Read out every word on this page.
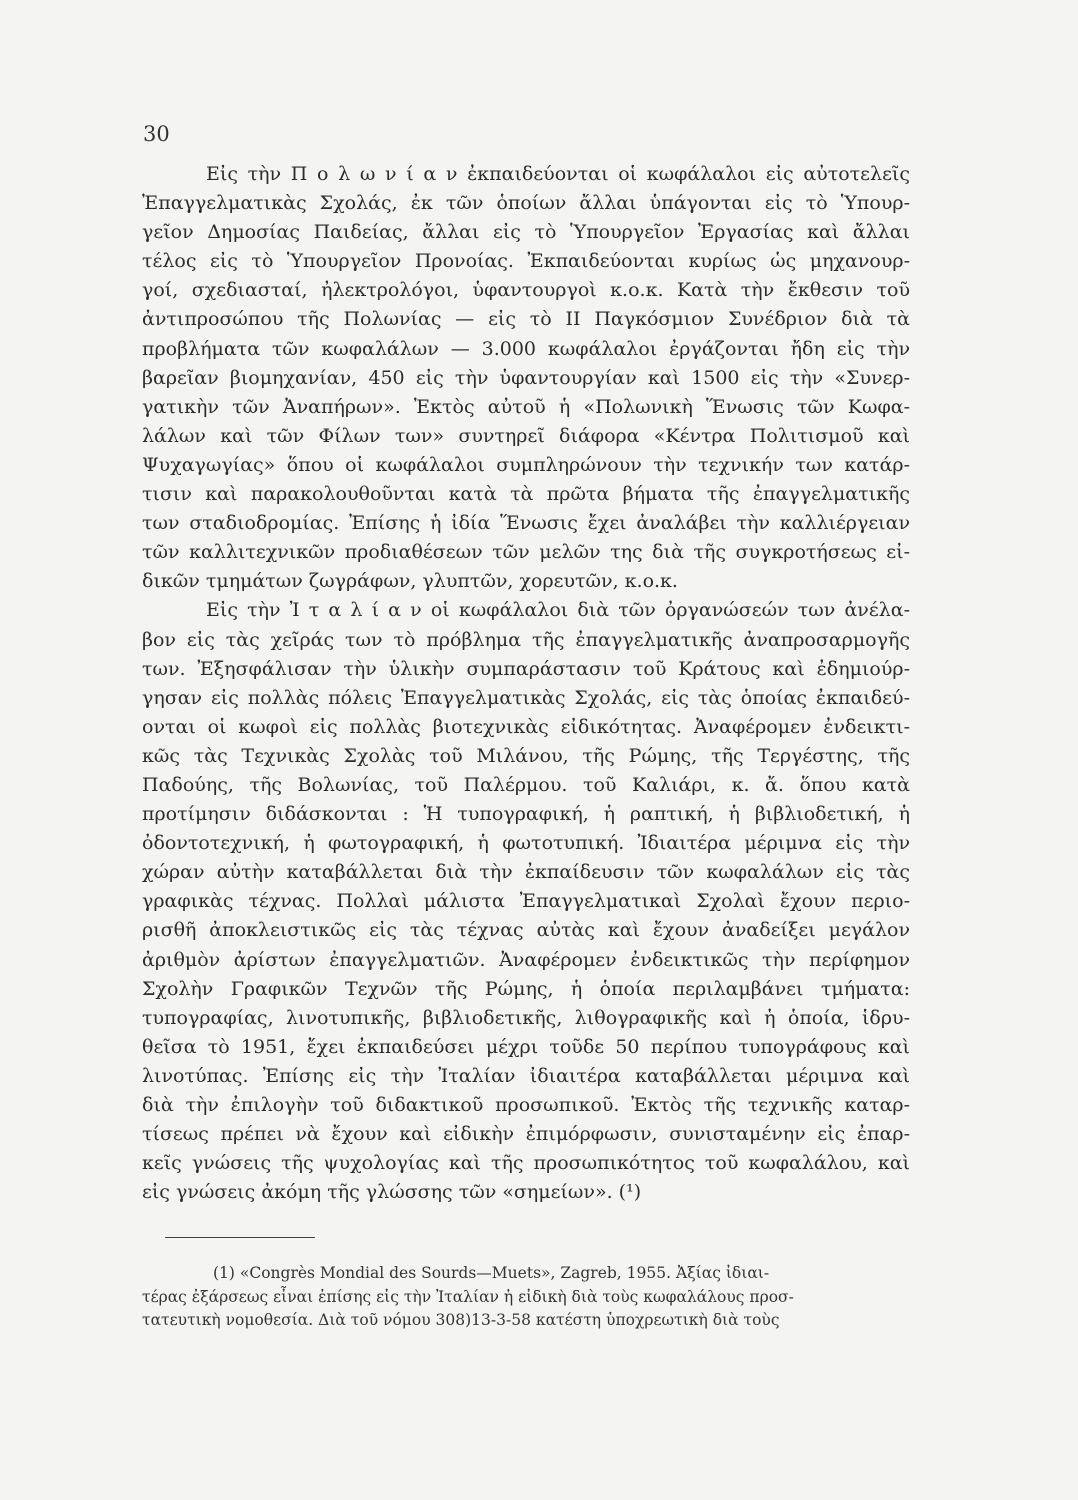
30
Εἰς τὴν Π ο λ ω ν ί α ν ἐκπαιδεύονται οἱ κωφάλαλοι εἰς αὐτοτελεῖς
Ἐπαγγελματικὰς Σχολάς, ἐκ τῶν ὁποίων ἄλλαι ὑπάγονται εἰς τὸ Ὑπουρ-
γεῖον Δημοσίας Παιδείας, ἄλλαι εἰς τὸ Ὑπουργεῖον Ἐργασίας καὶ ἄλλαι
τέλος εἰς τὸ Ὑπουργεῖον Προνοίας. Ἐκπαιδεύονται κυρίως ὡς μηχανουρ-
γοί, σχεδιασταί, ἠλεκτρολόγοι, ὑφαντουργοὶ κ.ο.κ. Κατὰ τὴν ἔκθεσιν τοῦ
ἀντιπροσώπου τῆς Πολωνίας — εἰς τὸ ΙΙ Παγκόσμιον Συνέδριον διὰ τὰ
προβλήματα τῶν κωφαλάλων — 3.000 κωφάλαλοι ἐργάζονται ἤδη εἰς τὴν
βαρεῖαν βιομηχανίαν, 450 εἰς τὴν ὑφαντουργίαν καὶ 1500 εἰς τὴν «Συνερ-
γατικὴν τῶν Ἀναπήρων». Ἐκτὸς αὐτοῦ ἡ «Πολωνικὴ Ἕνωσις τῶν Κωφα-
λάλων καὶ τῶν Φίλων των» συντηρεῖ διάφορα «Κέντρα Πολιτισμοῦ καὶ
Ψυχαγωγίας» ὅπου οἱ κωφάλαλοι συμπληρώνουν τὴν τεχνικήν των κατάρ-
τισιν καὶ παρακολουθοῦνται κατὰ τὰ πρῶτα βήματα τῆς ἐπαγγελματικῆς
των σταδιοδρομίας. Ἐπίσης ἡ ἰδία Ἕνωσις ἔχει ἀναλάβει τὴν καλλιέργειαν
τῶν καλλιτεχνικῶν προδιαθέσεων τῶν μελῶν της διὰ τῆς συγκροτήσεως εἰ-
δικῶν τμημάτων ζωγράφων, γλυπτῶν, χορευτῶν, κ.ο.κ.
Εἰς τὴν Ἰ τ α λ ί α ν οἱ κωφάλαλοι διὰ τῶν ὀργανώσεών των ἀνέλα-
βον εἰς τὰς χεῖράς των τὸ πρόβλημα τῆς ἐπαγγελματικῆς ἀναπροσαρμογῆς
των. Ἐξησφάλισαν τὴν ὑλικὴν συμπαράστασιν τοῦ Κράτους καὶ ἐδημιούρ-
γησαν εἰς πολλὰς πόλεις Ἐπαγγελματικὰς Σχολάς, εἰς τὰς ὁποίας ἐκπαιδεύ-
ονται οἱ κωφοὶ εἰς πολλὰς βιοτεχνικὰς εἰδικότητας. Ἀναφέρομεν ἐνδεικτι-
κῶς τὰς Τεχνικὰς Σχολὰς τοῦ Μιλάνου, τῆς Ρώμης, τῆς Τεργέστης, τῆς
Παδούης, τῆς Βολωνίας, τοῦ Παλέρμου. τοῦ Καλιάρι, κ. ἄ. ὅπου κατὰ
προτίμησιν διδάσκονται : Ἡ τυπογραφική, ἡ ραπτική, ἡ βιβλιοδετική, ἡ
ὀδοντοτεχνική, ἡ φωτογραφική, ἡ φωτοτυπική. Ἰδιαιτέρα μέριμνα εἰς τὴν
χώραν αὐτὴν καταβάλλεται διὰ τὴν ἐκπαίδευσιν τῶν κωφαλάλων εἰς τὰς
γραφικὰς τέχνας. Πολλαὶ μάλιστα Ἐπαγγελματικαὶ Σχολαὶ ἔχουν περιο-
ρισθῆ ἀποκλειστικῶς εἰς τὰς τέχνας αὐτὰς καὶ ἔχουν ἀναδείξει μεγάλον
ἀριθμὸν ἀρίστων ἐπαγγελματιῶν. Ἀναφέρομεν ἐνδεικτικῶς τὴν περίφημον
Σχολὴν Γραφικῶν Τεχνῶν τῆς Ρώμης, ἡ ὁποία περιλαμβάνει τμήματα:
τυπογραφίας, λινοτυπικῆς, βιβλιοδετικῆς, λιθογραφικῆς καὶ ἡ ὁποία, ἱδρυ-
θεῖσα τὸ 1951, ἔχει ἐκπαιδεύσει μέχρι τοῦδε 50 περίπου τυπογράφους καὶ
λινοτύπας. Ἐπίσης εἰς τὴν Ἰταλίαν ἰδιαιτέρα καταβάλλεται μέριμνα καὶ
διὰ τὴν ἐπιλογὴν τοῦ διδακτικοῦ προσωπικοῦ. Ἐκτὸς τῆς τεχνικῆς καταρ-
τίσεως πρέπει νὰ ἔχουν καὶ εἰδικὴν ἐπιμόρφωσιν, συνισταμένην εἰς ἐπαρ-
κεῖς γνώσεις τῆς ψυχολογίας καὶ τῆς προσωπικότητος τοῦ κωφαλάλου, καὶ
εἰς γνώσεις ἀκόμη τῆς γλώσσης τῶν «σημείων». (¹)
(1) «Congrès Mondial des Sourds—Muets», Zagreb, 1955. Ἀξίας ἰδιαι-
τέρας ἐξάρσεως εἶναι ἐπίσης εἰς τὴν Ἰταλίαν ἡ εἰδικὴ διὰ τοὺς κωφαλάλους προσ-
τατευτικὴ νομοθεσία. Διὰ τοῦ νόμου 308)13-3-58 κατέστη ὑποχρεωτικὴ διὰ τοὺς
